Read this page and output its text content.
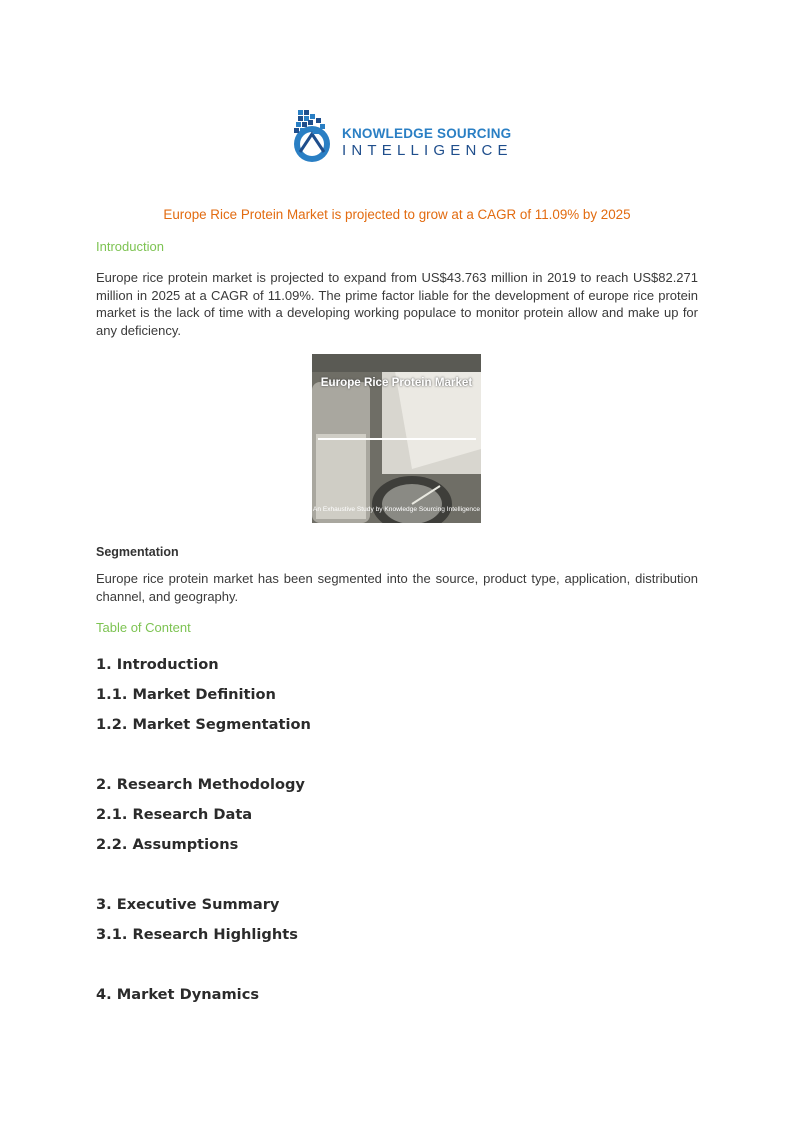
KNOWLEDGE SOURCING
INTELLIGENCE
Europe Rice Protein Market is projected to grow at a CAGR of 11.09% by 2025
Introduction
Europe rice protein market is projected to expand from US$43.763 million in 2019 to reach US$82.271 million in 2025 at a CAGR of 11.09%. The prime factor liable for the development of europe rice protein market is the lack of time with a developing working populace to monitor protein allow and make up for any deficiency.
Europe Rice Protein Market
An Exhaustive Study by Knowledge Sourcing Intelligence
Segmentation
Europe rice protein market has been segmented into the source, product type, application, distribution channel, and geography.
Table of Content
1. Introduction
1.1. Market Definition
1.2. Market Segmentation
2. Research Methodology
2.1. Research Data
2.2. Assumptions
3. Executive Summary
3.1. Research Highlights
4. Market Dynamics
